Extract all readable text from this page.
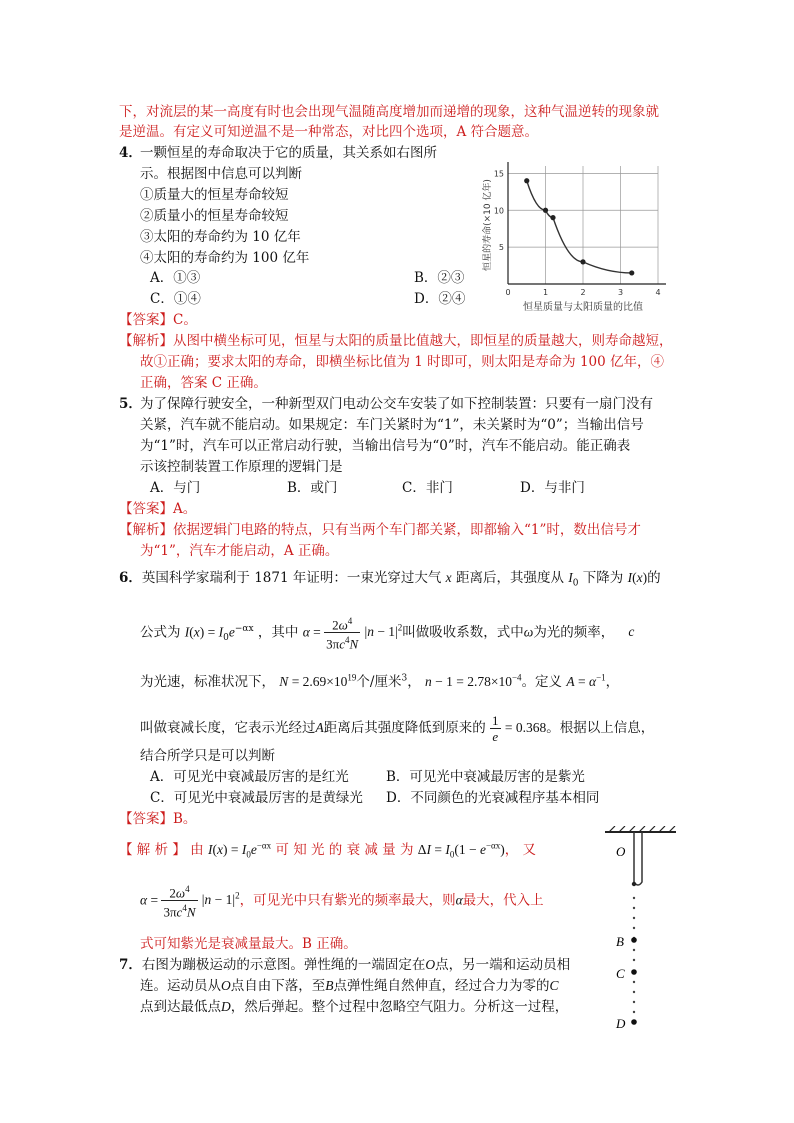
下，对流层的某一高度有时也会出现气温随高度增加而递增的现象，这种气温逆转的现象就
是逆温。有定义可知逆温不是一种常态，对比四个选项，A 符合题意。
4．
一颗恒星的寿命取决于它的质量，其关系如右图所
示。根据图中信息可以判断
①质量大的恒星寿命较短
②质量小的恒星寿命较短
③太阳的寿命约为 10 亿年
④太阳的寿命约为 100 亿年
A．①③	B．②③
C．①④	D．②④
【答案】C。
【解析】从图中横坐标可见，恒星与太阳的质量比值越大，即恒星的质量越大，则寿命越短，
故①正确；要求太阳的寿命，即横坐标比值为 1 时即可，则太阳是寿命为 100 亿年，④
正确，答案 C 正确。
0	1	2	3	4
5
10
15
恒星质量与太阳质量的比值
恒星的寿命(×10 亿年)
5．
为了保障行驶安全，一种新型双门电动公交车安装了如下控制装置：只要有一扇门没有
关紧，汽车就不能启动。如果规定：车门关紧时为“1”，未关紧时为“0”；当输出信号
为“1”时，汽车可以正常启动行驶，当输出信号为“0”时，汽车不能启动。能正确表
示该控制装置工作原理的逻辑门是
A．与门	B．或门	C．非门	D．与非门
【答案】A。
【解析】依据逻辑门电路的特点，只有当两个车门都关紧，即都输入“1”时，数出信号才
为“1”，汽车才能启动，A 正确。
6．英国科学家瑞利于 1871 年证明：一束光穿过大气 x 距离后，其强度从 $I_0$ 下降为 I(x)的
公式为 $I(x) = I_0e^{-\alpha x}$ ，其中 $\alpha = \frac{2\omega^4}{3\pi c^4N} |n - 1|^2$叫做吸收系数，式中ω为光的频率， c
为光速，标准状况下， $N = 2.69\times 10^{19}$个/厘米$^3$， $n - 1 = 2.78\times 10^{-4}$。定义 $A = \alpha^{-1}$，
叫做衰减长度，它表示光经过A距离后其强度降低到原来的 $\frac{1}{e} = 0.368$。根据以上信息，
结合所学只是可以判断
A．可见光中衰减最厉害的是红光	B．可见光中衰减最厉害的是紫光
C．可见光中衰减最厉害的是黄绿光 D．不同颜色的光衰减程序基本相同
【答案】B。
【 解 析 】 由 $I(x) = I_0e^{-\alpha x}$ 可 知 光 的 衰 减 量 为 $\Delta I = I_0(1 - e^{-\alpha x})$， 又
$\alpha = \frac{2\omega^4}{3\pi c^4N} |n - 1|^2$，可见光中只有紫光的频率最大，则α最大，代入上
式可知紫光是衰减量最大。B 正确。
7．右图为蹦极运动的示意图。弹性绳的一端固定在O点，另一端和运动员相
连。运动员从O点自由下落，至B点弹性绳自然伸直，经过合力为零的C
点到达最低点D，然后弹起。整个过程中忽略空气阻力。分析这一过程，
O
B
C
D
